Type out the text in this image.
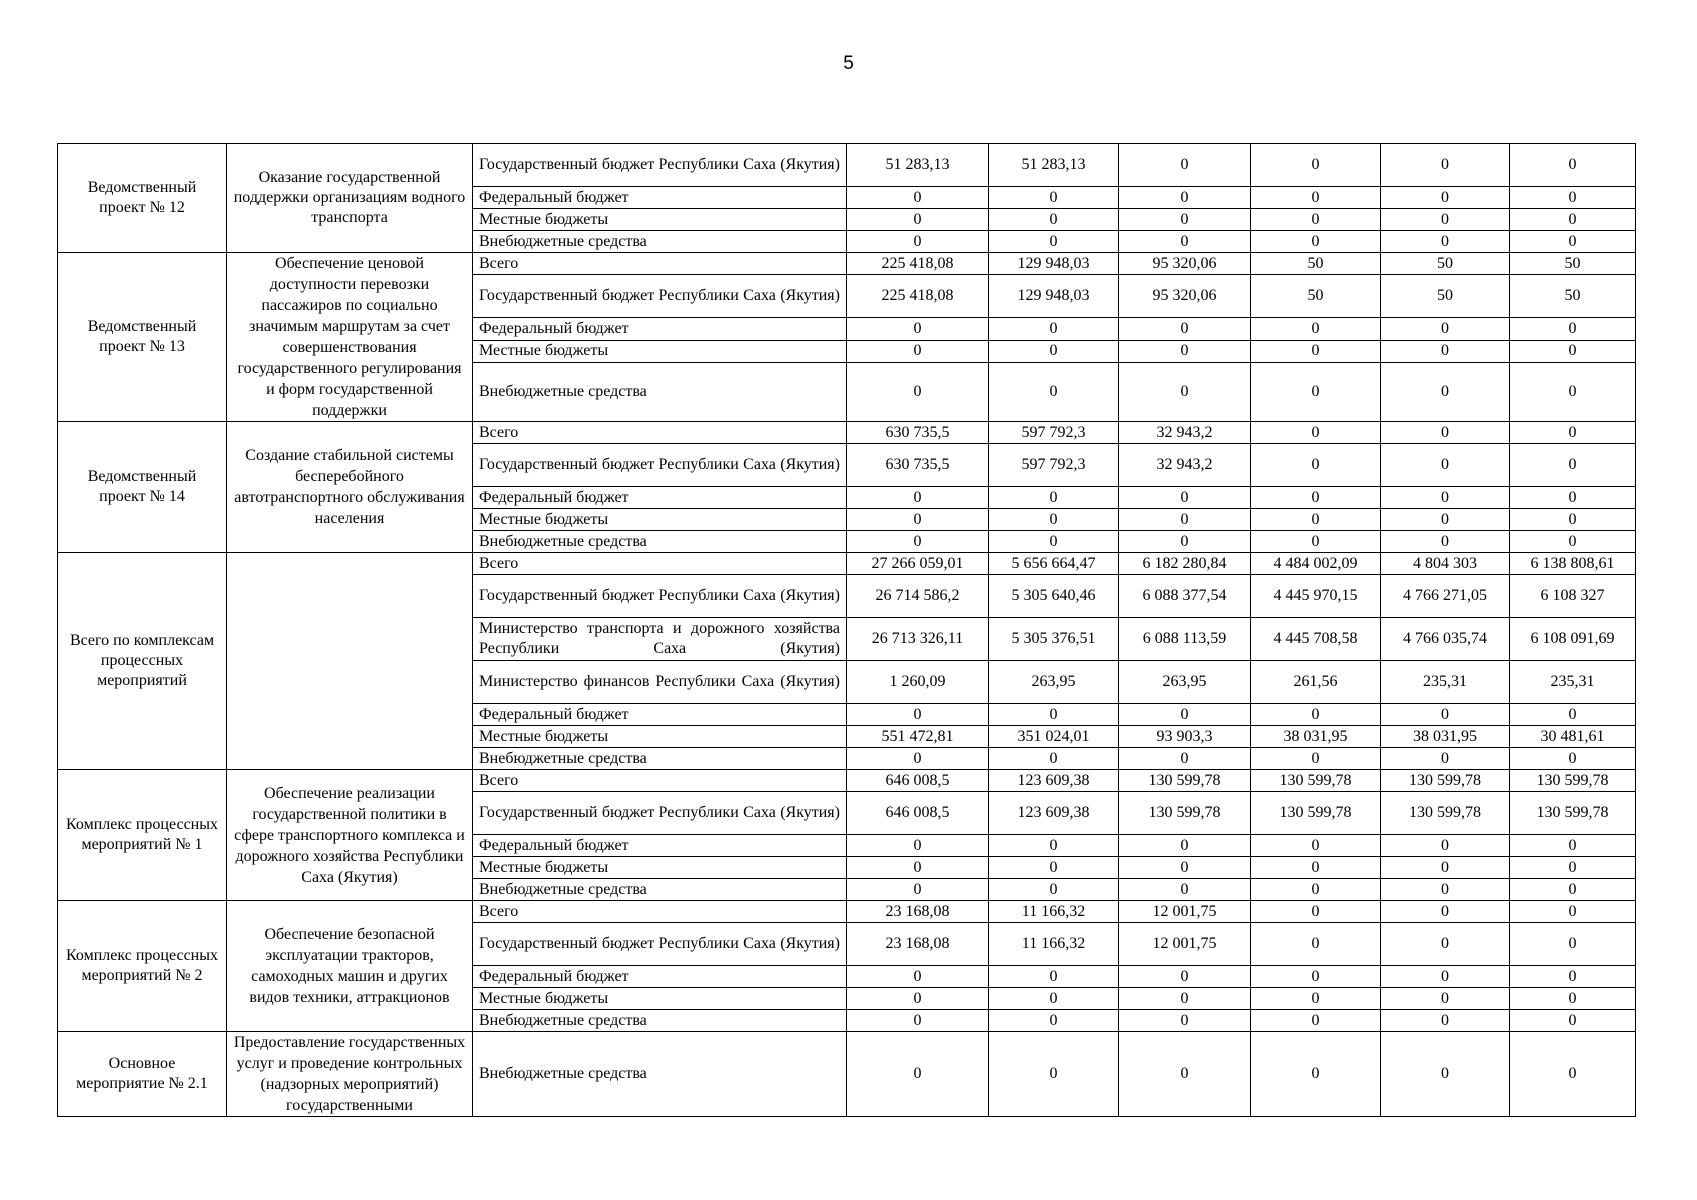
5
Ведомственный проект № 12	Оказание государственной поддержки организациям водного транспорта	Государственный бюджет Республики Саха (Якутия)	51 283,13	51 283,13	0	0	0	0
		Федеральный бюджет	0	0	0	0	0	0
		Местные бюджеты	0	0	0	0	0	0
		Внебюджетные средства	0	0	0	0	0	0
Ведомственный проект № 13	Обеспечение ценовой доступности перевозки пассажиров по социально значимым маршрутам за счет совершенствования государственного регулирования и форм государственной поддержки	Всего	225 418,08	129 948,03	95 320,06	50	50	50
		Государственный бюджет Республики Саха (Якутия)	225 418,08	129 948,03	95 320,06	50	50	50
		Федеральный бюджет	0	0	0	0	0	0
		Местные бюджеты	0	0	0	0	0	0
		Внебюджетные средства	0	0	0	0	0	0
Ведомственный проект № 14	Создание стабильной системы бесперебойного автотранспортного обслуживания населения	Всего	630 735,5	597 792,3	32 943,2	0	0	0
		Государственный бюджет Республики Саха (Якутия)	630 735,5	597 792,3	32 943,2	0	0	0
		Федеральный бюджет	0	0	0	0	0	0
		Местные бюджеты	0	0	0	0	0	0
		Внебюджетные средства	0	0	0	0	0	0
Всего по комплексам процессных мероприятий		Всего	27 266 059,01	5 656 664,47	6 182 280,84	4 484 002,09	4 804 303	6 138 808,61
		Государственный бюджет Республики Саха (Якутия)	26 714 586,2	5 305 640,46	6 088 377,54	4 445 970,15	4 766 271,05	6 108 327
		Министерство транспорта и дорожного хозяйства Республики Саха (Якутия)	26 713 326,11	5 305 376,51	6 088 113,59	4 445 708,58	4 766 035,74	6 108 091,69
		Министерство финансов Республики Саха (Якутия)	1 260,09	263,95	263,95	261,56	235,31	235,31
		Федеральный бюджет	0	0	0	0	0	0
		Местные бюджеты	551 472,81	351 024,01	93 903,3	38 031,95	38 031,95	30 481,61
		Внебюджетные средства	0	0	0	0	0	0
Комплекс процессных мероприятий № 1	Обеспечение реализации государственной политики в сфере транспортного комплекса и дорожного хозяйства Республики Саха (Якутия)	Всего	646 008,5	123 609,38	130 599,78	130 599,78	130 599,78	130 599,78
		Государственный бюджет Республики Саха (Якутия)	646 008,5	123 609,38	130 599,78	130 599,78	130 599,78	130 599,78
		Федеральный бюджет	0	0	0	0	0	0
		Местные бюджеты	0	0	0	0	0	0
		Внебюджетные средства	0	0	0	0	0	0
Комплекс процессных мероприятий № 2	Обеспечение безопасной эксплуатации тракторов, самоходных машин и других видов техники, аттракционов	Всего	23 168,08	11 166,32	12 001,75	0	0	0
		Государственный бюджет Республики Саха (Якутия)	23 168,08	11 166,32	12 001,75	0	0	0
		Федеральный бюджет	0	0	0	0	0	0
		Местные бюджеты	0	0	0	0	0	0
		Внебюджетные средства	0	0	0	0	0	0
Основное мероприятие № 2.1	Предоставление государственных услуг и проведение контрольных (надзорных мероприятий) государственными	Внебюджетные средства	0	0	0	0	0	0
